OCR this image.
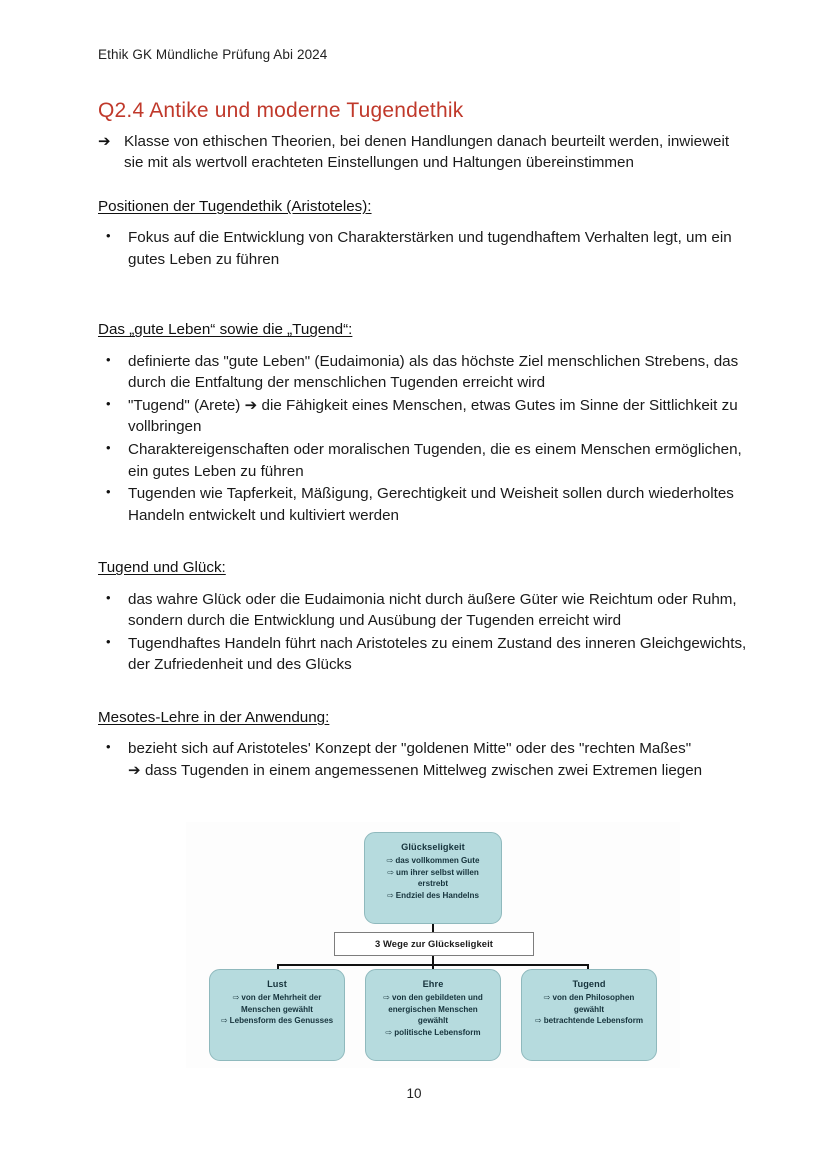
Ethik GK Mündliche Prüfung Abi 2024
Q2.4 Antike und moderne Tugendethik
➔ Klasse von ethischen Theorien, bei denen Handlungen danach beurteilt werden, inwieweit sie mit als wertvoll erachteten Einstellungen und Haltungen übereinstimmen
Positionen der Tugendethik (Aristoteles):
• Fokus auf die Entwicklung von Charakterstärken und tugendhaftem Verhalten legt, um ein gutes Leben zu führen
Das „gute Leben“ sowie die „Tugend“:
• definierte das "gute Leben" (Eudaimonia) als das höchste Ziel menschlichen Strebens, das durch die Entfaltung der menschlichen Tugenden erreicht wird
• "Tugend" (Arete) ➔ die Fähigkeit eines Menschen, etwas Gutes im Sinne der Sittlichkeit zu vollbringen
• Charaktereigenschaften oder moralischen Tugenden, die es einem Menschen ermöglichen, ein gutes Leben zu führen
• Tugenden wie Tapferkeit, Mäßigung, Gerechtigkeit und Weisheit sollen durch wiederholtes Handeln entwickelt und kultiviert werden
Tugend und Glück:
• das wahre Glück oder die Eudaimonia nicht durch äußere Güter wie Reichtum oder Ruhm, sondern durch die Entwicklung und Ausübung der Tugenden erreicht wird
• Tugendhaftes Handeln führt nach Aristoteles zu einem Zustand des inneren Gleichgewichts, der Zufriedenheit und des Glücks
Mesotes-Lehre in der Anwendung:
• bezieht sich auf Aristoteles' Konzept der "goldenen Mitte" oder des "rechten Maßes"
➔ dass Tugenden in einem angemessenen Mittelweg zwischen zwei Extremen liegen
Glückseligkeit
⇨ das vollkommen Gute
⇨ um ihrer selbst willen erstrebt
⇨ Endziel des Handelns
3 Wege zur Glückseligkeit
Lust
⇨ von der Mehrheit der Menschen gewählt
⇨ Lebensform des Genusses
Ehre
⇨ von den gebildeten und energischen Menschen gewählt
⇨ politische Lebensform
Tugend
⇨ von den Philosophen gewählt
⇨ betrachtende Lebensform
10
